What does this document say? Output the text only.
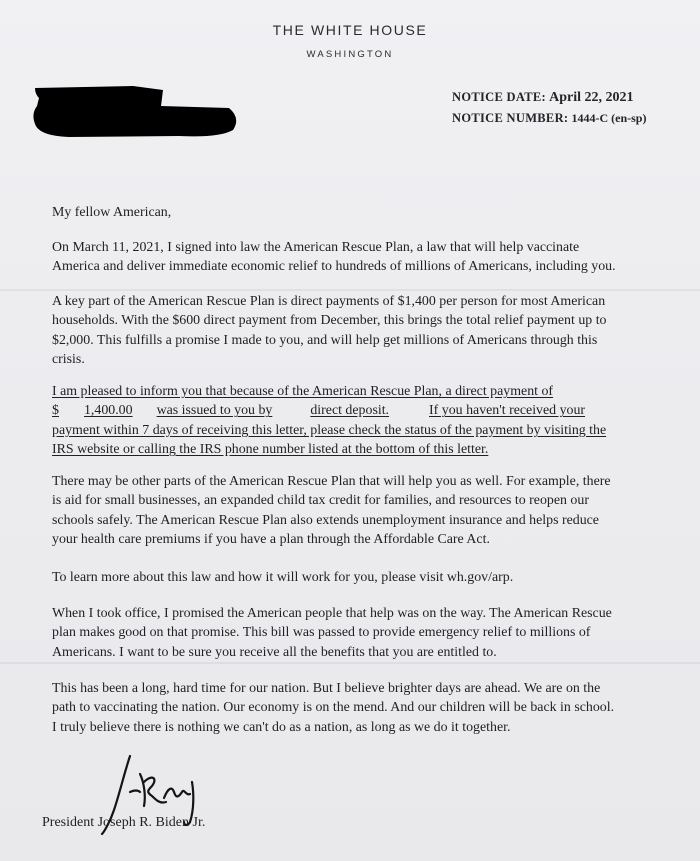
THE WHITE HOUSE
WASHINGTON
NOTICE DATE: April 22, 2021
NOTICE NUMBER: 1444-C (en-sp)
My fellow American,
On March 11, 2021, I signed into law the American Rescue Plan, a law that will help vaccinate
America and deliver immediate economic relief to hundreds of millions of Americans, including you.
A key part of the American Rescue Plan is direct payments of $1,400 per person for most American
households. With the $600 direct payment from December, this brings the total relief payment up to
$2,000. This fulfills a promise I made to you, and will help get millions of Americans through this
crisis.
I am pleased to inform you that because of the American Rescue Plan, a direct payment of
$ 1,400.00 was issued to you by	direct deposit.	If you haven't received your
payment within 7 days of receiving this letter, please check the status of the payment by visiting the
IRS website or calling the IRS phone number listed at the bottom of this letter.
There may be other parts of the American Rescue Plan that will help you as well. For example, there
is aid for small businesses, an expanded child tax credit for families, and resources to reopen our
schools safely. The American Rescue Plan also extends unemployment insurance and helps reduce
your health care premiums if you have a plan through the Affordable Care Act.
To learn more about this law and how it will work for you, please visit wh.gov/arp.
When I took office, I promised the American people that help was on the way. The American Rescue
plan makes good on that promise. This bill was passed to provide emergency relief to millions of
Americans. I want to be sure you receive all the benefits that you are entitled to.
This has been a long, hard time for our nation. But I believe brighter days are ahead. We are on the
path to vaccinating the nation. Our economy is on the mend. And our children will be back in school.
I truly believe there is nothing we can't do as a nation, as long as we do it together.
President Joseph R. Biden Jr.
